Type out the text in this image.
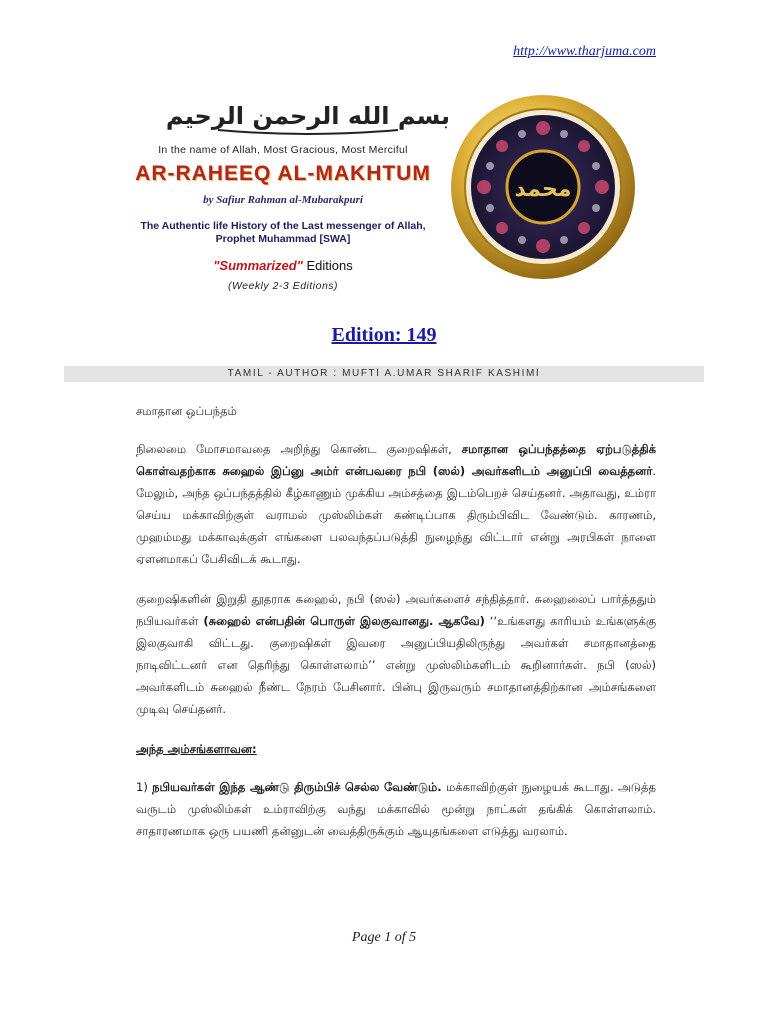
http://www.tharjuma.com
بسم الله الرحمن الرحيم
In the name of Allah, Most Gracious, Most Merciful
AR-RAHEEQ AL-MAKHTUM
by Safiur Rahman al-Mubarakpuri
The Authentic life History of the Last messenger of Allah,
Prophet Muhammad [SWA]
"Summarized" Editions
(Weekly 2-3 Editions)
محمد
Edition: 149
TAMIL - AUTHOR : MUFTI A.UMAR SHARIF KASHIMI

சமாதான ஒப்பந்தம்

நிலைமை மோசமாவதை அறிந்து கொண்ட குறைஷிகள், சமாதான ஒப்பந்தத்தை ஏற்படுத்திக் கொள்வதற்காக சுஹைல் இப்னு அம்ர் என்பவரை நபி (ஸல்) அவர்களிடம் அனுப்பி வைத்தனர். மேலும், அந்த ஒப்பந்தத்தில் கீழ்காணும் முக்கிய அம்சத்தை இடம்பெறச் செய்தனர். அதாவது, உம்ரா செய்ய மக்காவிற்குள் வராமல் முஸ்லிம்கள் கண்டிப்பாக திரும்பிவிட வேண்டும். காரணம், முஹம்மது மக்காவுக்குள் எங்களை பலவந்தப்படுத்தி நுழைந்து விட்டார் என்று அரபிகள் நாளை ஏளனமாகப் பேசிவிடக் கூடாது.

குறைஷிகளின் இறுதி தூதராக சுஹைல், நபி (ஸல்) அவர்களைச் சந்தித்தார். சுஹைலைப் பார்த்ததும் நபியவர்கள் (சுஹைல் என்பதின் பொருள் இலகுவானது. ஆகவே) ‘‘உங்களது காரியம் உங்களுக்கு இலகுவாகி விட்டது. குறைஷிகள் இவரை அனுப்பியதிலிருந்து அவர்கள் சமாதானத்தை நாடிவிட்டனர் என தெரிந்து கொள்ளலாம்’’ என்று முஸ்லிம்களிடம் கூறினார்கள். நபி (ஸல்) அவர்களிடம் சுஹைல் நீண்ட நேரம் பேசினார். பின்பு இருவரும் சமாதானத்திற்கான அம்சங்களை முடிவு செய்தனர்.

அந்த அம்சங்களாவன:

1) நபியவர்கள் இந்த ஆண்டு திரும்பிச் செல்ல வேண்டும். மக்காவிற்குள் நுழையக் கூடாது. அடுத்த வருடம் முஸ்லிம்கள் உம்ராவிற்கு வந்து மக்காவில் மூன்று நாட்கள் தங்கிக் கொள்ளலாம். சாதாரணமாக ஒரு பயணி தன்னுடன் வைத்திருக்கும் ஆயுதங்களை எடுத்து வரலாம்.

Page 1 of 5
